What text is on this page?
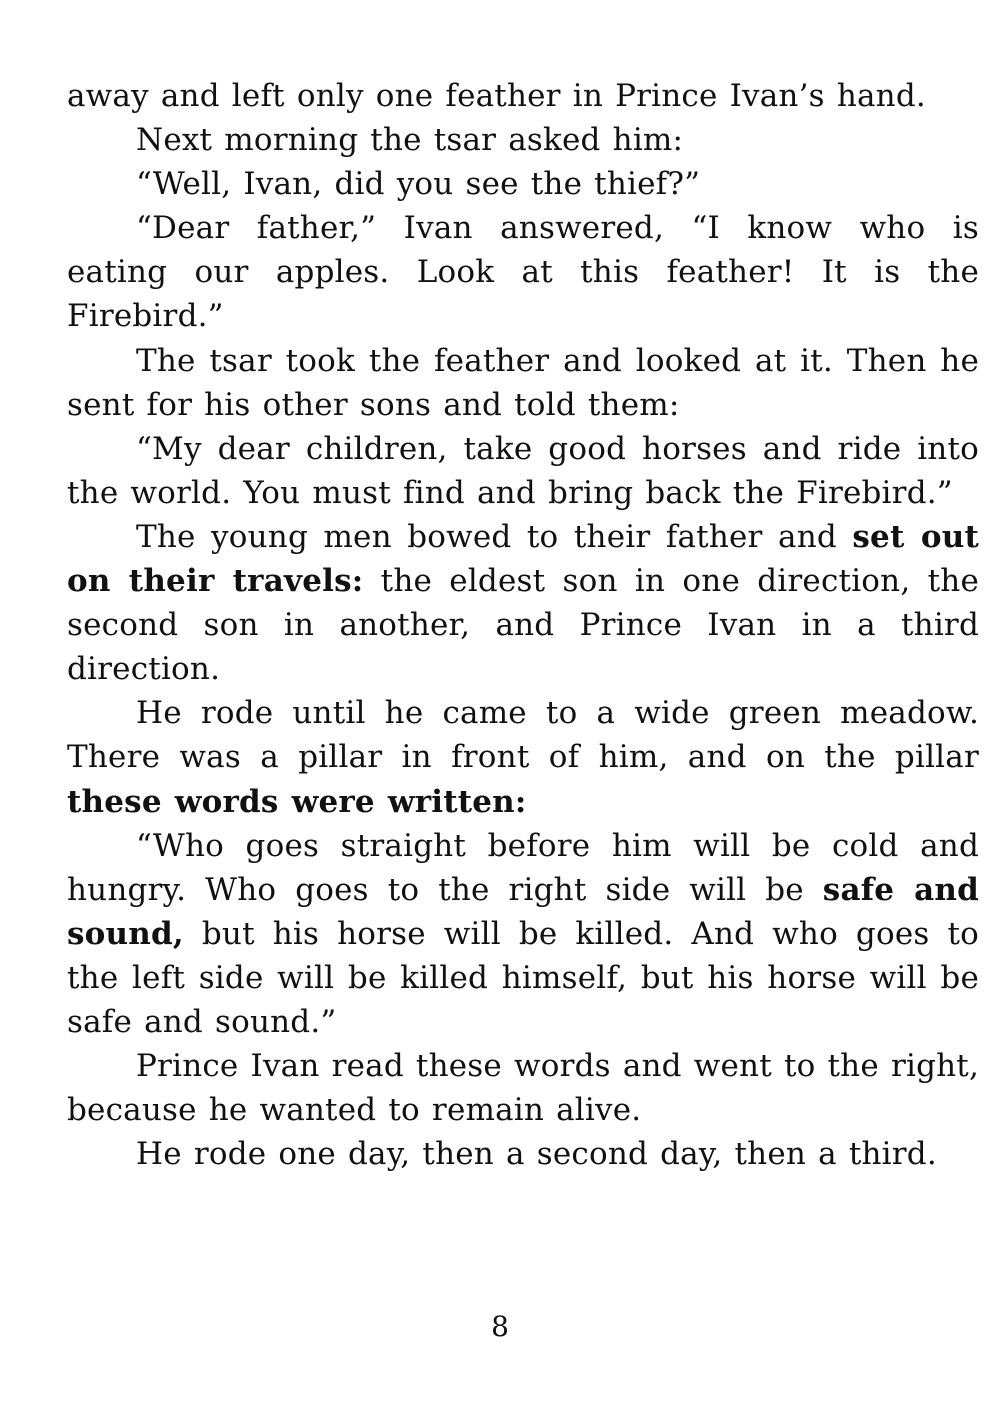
away and left only one feather in Prince Ivan’s hand.

Next morning the tsar asked him:

“Well, Ivan, did you see the thief?”

“Dear father,” Ivan answered, “I know who is eating our apples. Look at this feather! It is the Firebird.”

The tsar took the feather and looked at it. Then he sent for his other sons and told them:

“My dear children, take good horses and ride into the world. You must find and bring back the Firebird.”

The young men bowed to their father and set out on their travels: the eldest son in one direction, the second son in another, and Prince Ivan in a third direction.

He rode until he came to a wide green meadow. There was a pillar in front of him, and on the pillar these words were written:

“Who goes straight before him will be cold and hungry. Who goes to the right side will be safe and sound, but his horse will be killed. And who goes to the left side will be killed himself, but his horse will be safe and sound.”

Prince Ivan read these words and went to the right, because he wanted to remain alive.

He rode one day, then a second day, then a third.

8
